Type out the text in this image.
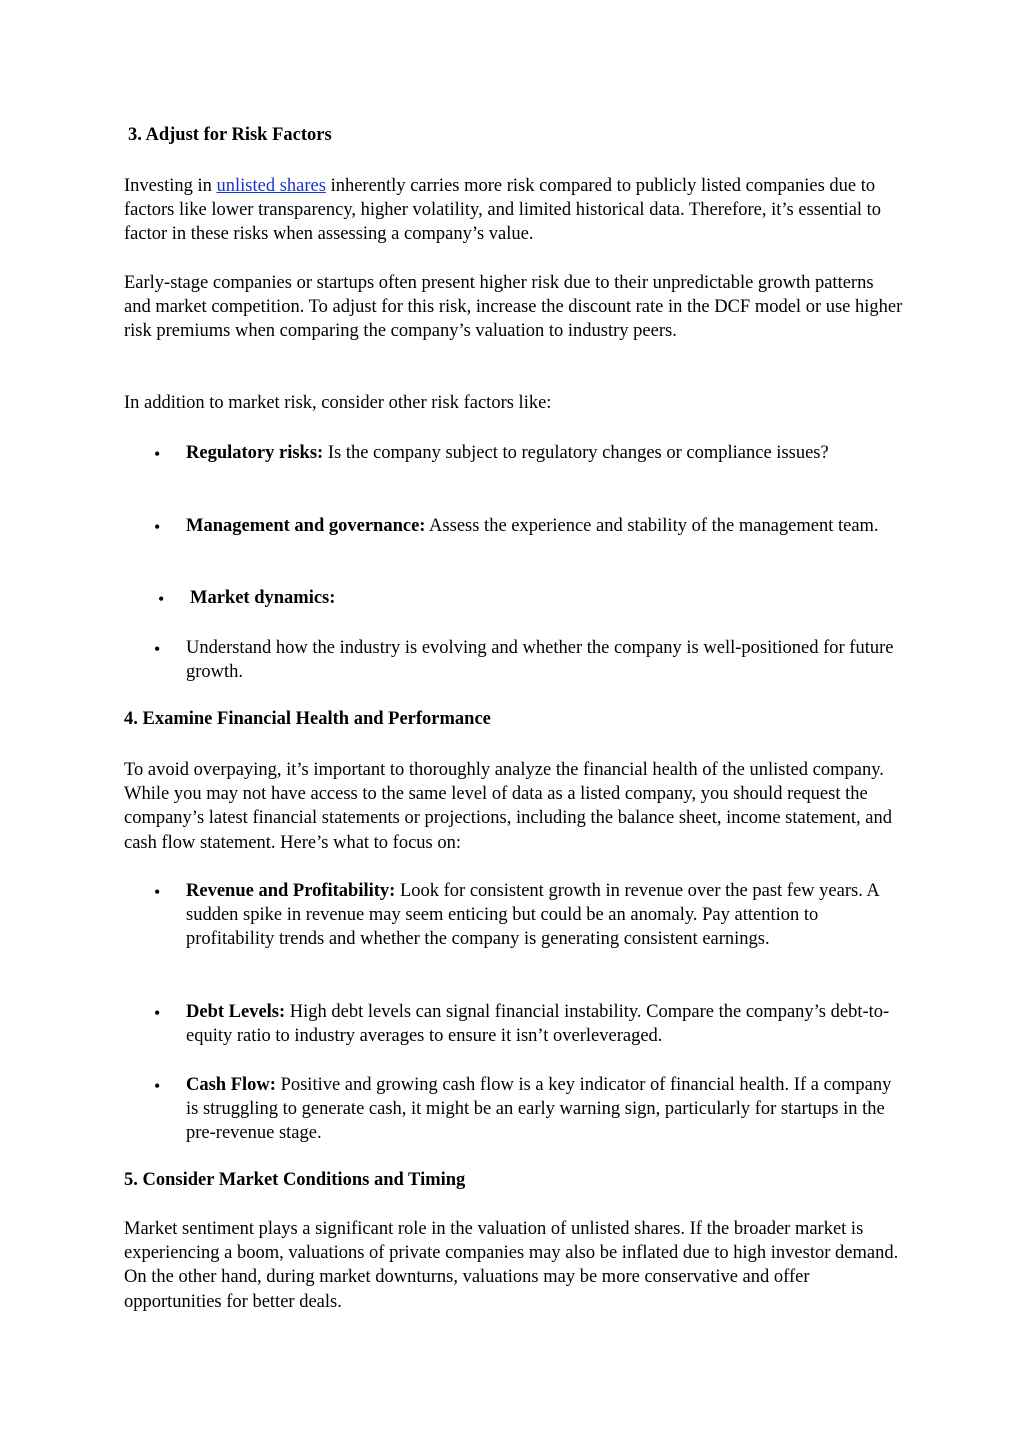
3. Adjust for Risk Factors

Investing in unlisted shares inherently carries more risk compared to publicly listed companies due to factors like lower transparency, higher volatility, and limited historical data. Therefore, it’s essential to factor in these risks when assessing a company’s value.

Early-stage companies or startups often present higher risk due to their unpredictable growth patterns and market competition. To adjust for this risk, increase the discount rate in the DCF model or use higher risk premiums when comparing the company’s valuation to industry peers.

In addition to market risk, consider other risk factors like:

•	Regulatory risks: Is the company subject to regulatory changes or compliance issues?

•	Management and governance: Assess the experience and stability of the management team.

•	Market dynamics:

•	Understand how the industry is evolving and whether the company is well-positioned for future growth.

4. Examine Financial Health and Performance

To avoid overpaying, it’s important to thoroughly analyze the financial health of the unlisted company. While you may not have access to the same level of data as a listed company, you should request the company’s latest financial statements or projections, including the balance sheet, income statement, and cash flow statement. Here’s what to focus on:

•	Revenue and Profitability: Look for consistent growth in revenue over the past few years. A sudden spike in revenue may seem enticing but could be an anomaly. Pay attention to profitability trends and whether the company is generating consistent earnings.

•	Debt Levels: High debt levels can signal financial instability. Compare the company’s debt-to-equity ratio to industry averages to ensure it isn’t overleveraged.

•	Cash Flow: Positive and growing cash flow is a key indicator of financial health. If a company is struggling to generate cash, it might be an early warning sign, particularly for startups in the pre-revenue stage.

5. Consider Market Conditions and Timing

Market sentiment plays a significant role in the valuation of unlisted shares. If the broader market is experiencing a boom, valuations of private companies may also be inflated due to high investor demand. On the other hand, during market downturns, valuations may be more conservative and offer opportunities for better deals.
